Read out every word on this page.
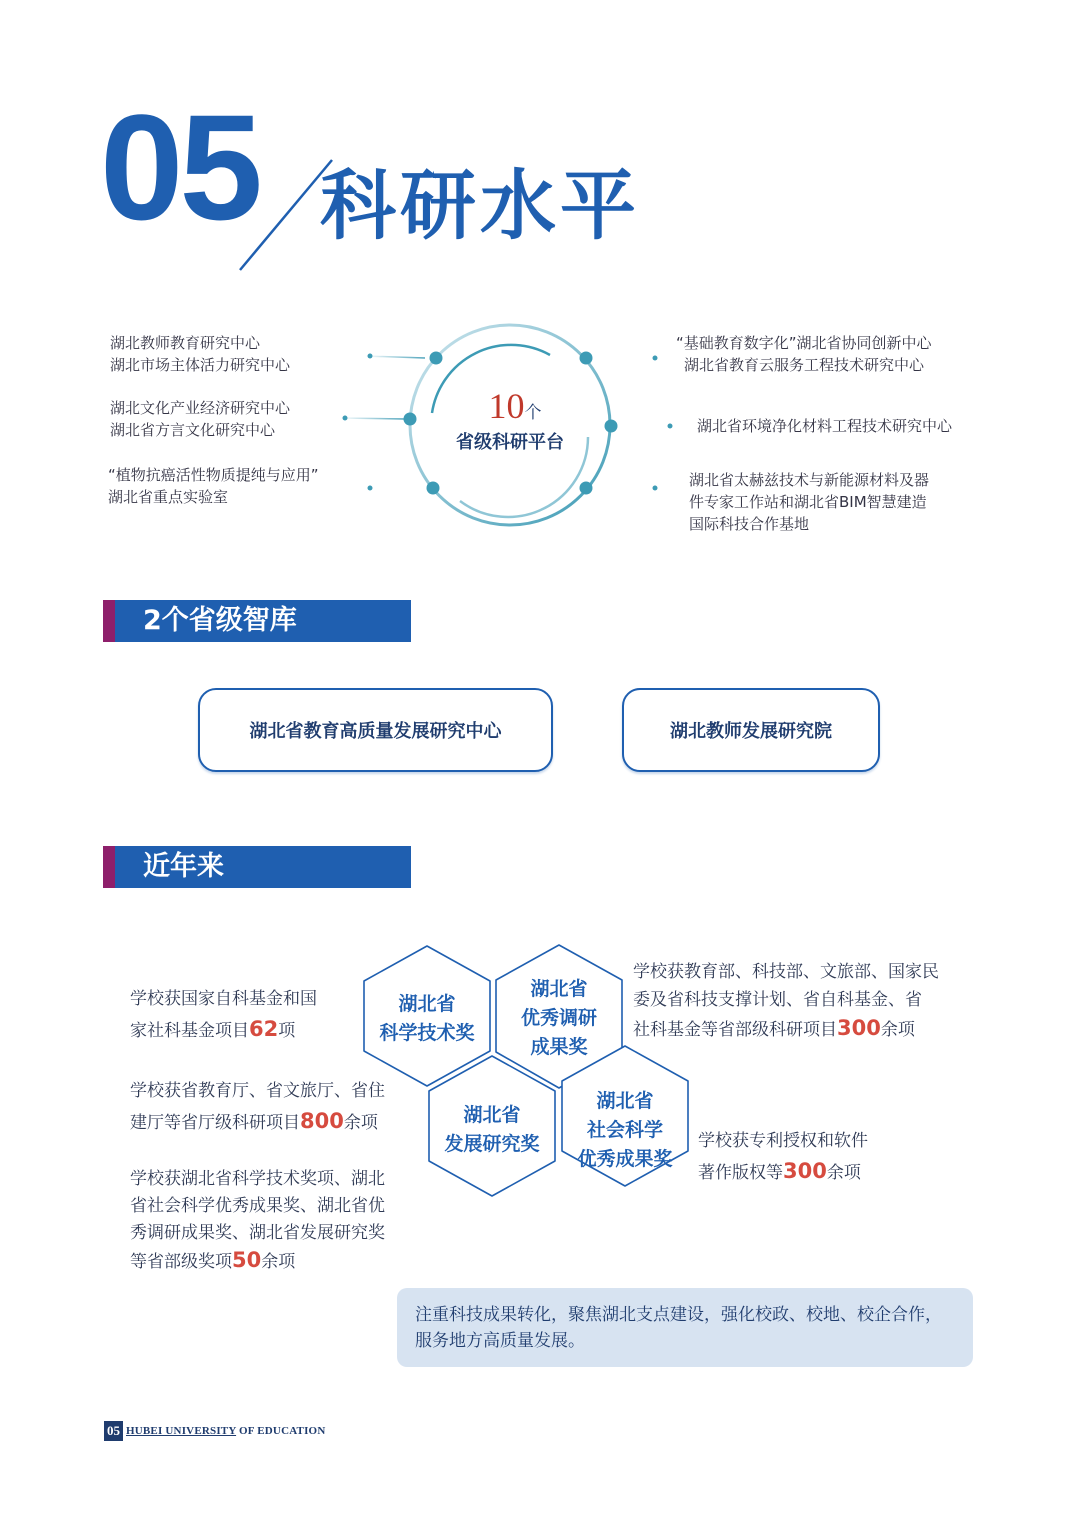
05 科研水平
10个
省级科研平台
湖北教师教育研究中心
湖北市场主体活力研究中心
湖北文化产业经济研究中心
湖北省方言文化研究中心
“植物抗癌活性物质提纯与应用”
湖北省重点实验室
“基础教育数字化”湖北省协同创新中心
湖北省教育云服务工程技术研究中心
湖北省环境净化材料工程技术研究中心
湖北省太赫兹技术与新能源材料及器
件专家工作站和湖北省BIM智慧建造
国际科技合作基地
2个省级智库
湖北省教育高质量发展研究中心	湖北教师发展研究院
近年来
湖北省
科学技术奖
湖北省
优秀调研
成果奖
湖北省
发展研究奖
湖北省
社会科学
优秀成果奖
学校获国家自科基金和国
家社科基金项目62项
学校获省教育厅、省文旅厅、省住
建厅等省厅级科研项目800余项
学校获湖北省科学技术奖项、湖北
省社会科学优秀成果奖、湖北省优
秀调研成果奖、湖北省发展研究奖
等省部级奖项50余项
学校获教育部、科技部、文旅部、国家民
委及省科技支撑计划、省自科基金、省
社科基金等省部级科研项目300余项
学校获专利授权和软件
著作版权等300余项
注重科技成果转化，聚焦湖北支点建设，强化校政、校地、校企合作，
服务地方高质量发展。
05 HUBEI UNIVERSITY OF EDUCATION
